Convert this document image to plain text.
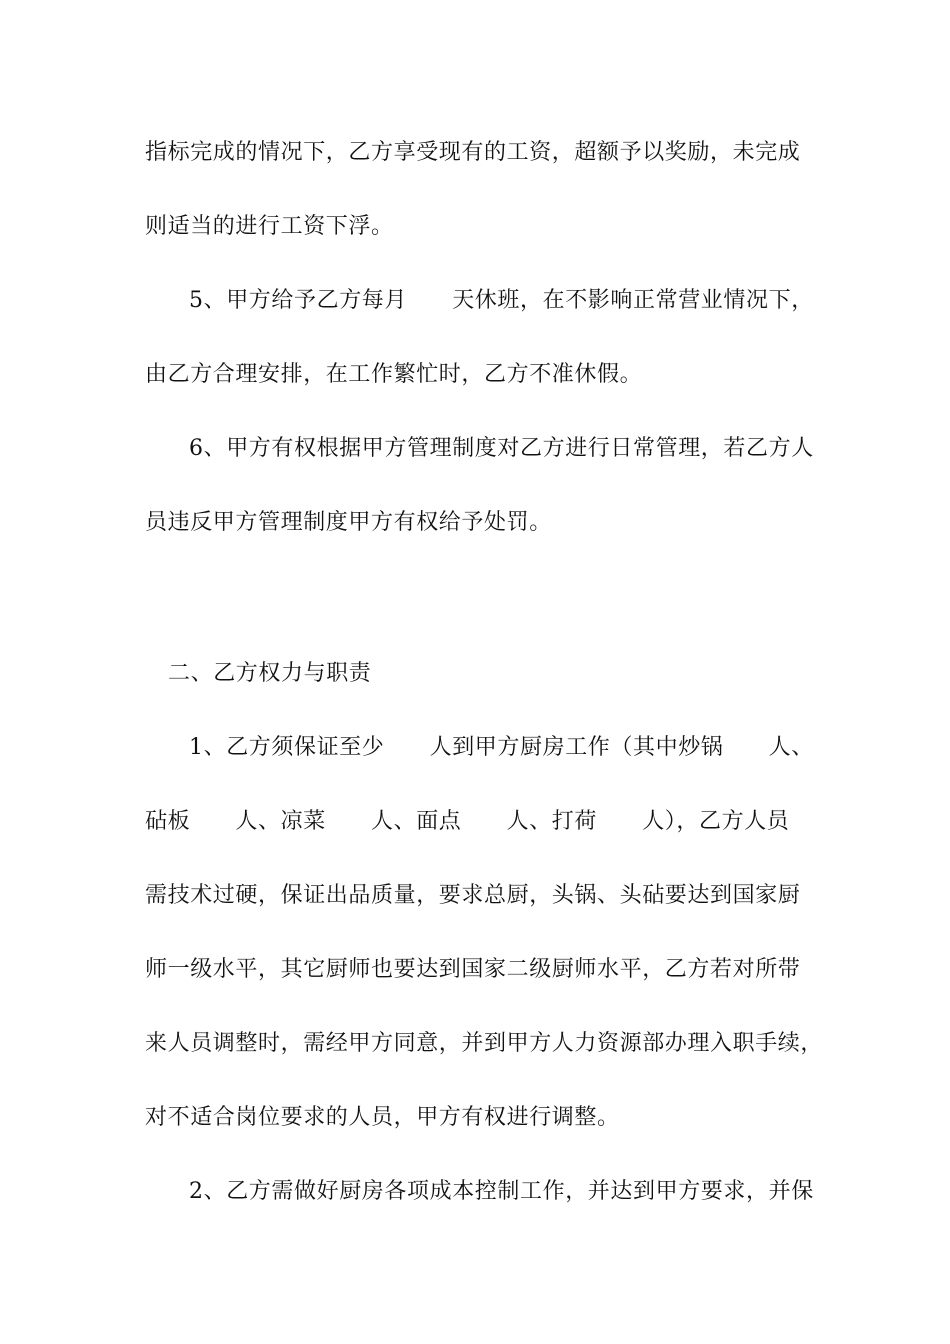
指标完成的情况下，乙方享受现有的工资，超额予以奖励，未完成
则适当的进行工资下浮。
5、甲方给予乙方每月　　天休班，在不影响正常营业情况下，
由乙方合理安排，在工作繁忙时，乙方不准休假。
6、甲方有权根据甲方管理制度对乙方进行日常管理，若乙方人
员违反甲方管理制度甲方有权给予处罚。
二、乙方权力与职责
1、乙方须保证至少　　人到甲方厨房工作（其中炒锅　　人、
砧板　　人、凉菜　　人、面点　　人、打荷　　人），乙方人员
需技术过硬，保证出品质量，要求总厨，头锅、头砧要达到国家厨
师一级水平，其它厨师也要达到国家二级厨师水平，乙方若对所带
来人员调整时，需经甲方同意，并到甲方人力资源部办理入职手续，
对不适合岗位要求的人员，甲方有权进行调整。
2、乙方需做好厨房各项成本控制工作，并达到甲方要求，并保
